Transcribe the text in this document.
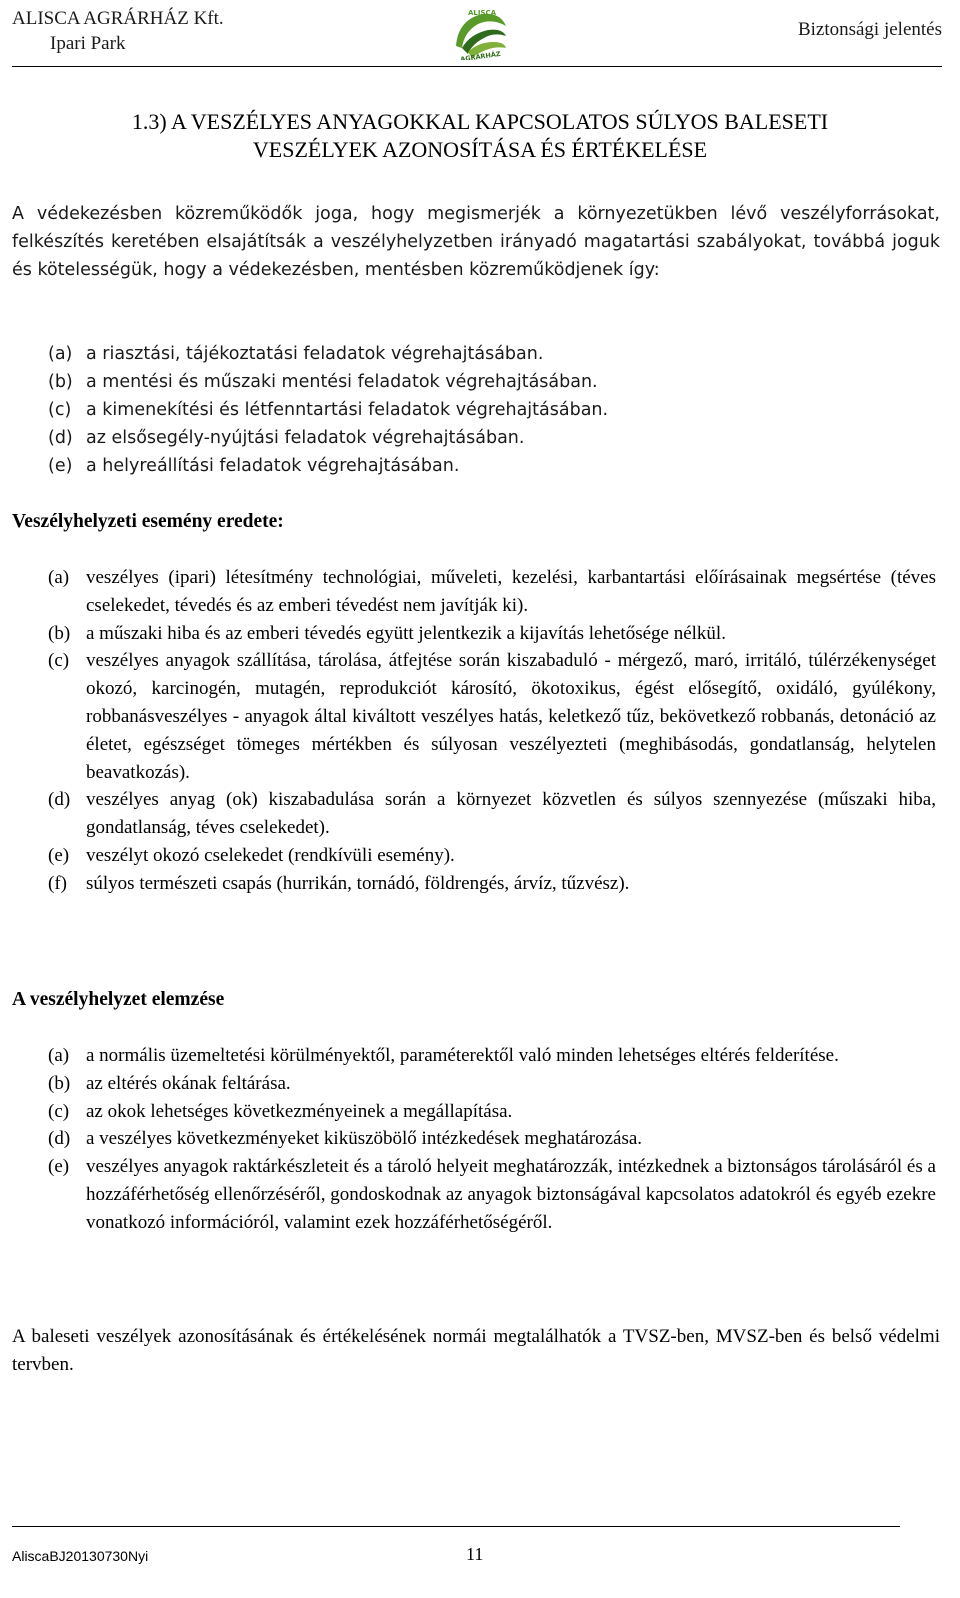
ALISCA AGRÁRHÁZ Kft.
Ipari Park
ALISCA
AGRÁRHÁZ
Biztonsági jelentés
1.3) A VESZÉLYES ANYAGOKKAL KAPCSOLATOS SÚLYOS BALESETI
VESZÉLYEK AZONOSÍTÁSA ÉS ÉRTÉKELÉSE

A védekezésben közreműködők joga, hogy megismerjék a környezetükben lévő veszélyforrásokat, felkészítés keretében elsajátítsák a veszélyhelyzetben irányadó magatartási szabályokat, továbbá joguk és kötelességük, hogy a védekezésben, mentésben közreműködjenek így:

(a) a riasztási, tájékoztatási feladatok végrehajtásában.
(b) a mentési és műszaki mentési feladatok végrehajtásában.
(c) a kimenekítési és létfenntartási feladatok végrehajtásában.
(d) az elsősegély-nyújtási feladatok végrehajtásában.
(e) a helyreállítási feladatok végrehajtásában.
Veszélyhelyzeti esemény eredete:
(a) veszélyes (ipari) létesítmény technológiai, műveleti, kezelési, karbantartási előírásainak megsértése (téves cselekedet, tévedés és az emberi tévedést nem javítják ki).
(b) a műszaki hiba és az emberi tévedés együtt jelentkezik a kijavítás lehetősége nélkül.
(c) veszélyes anyagok szállítása, tárolása, átfejtése során kiszabaduló - mérgező, maró, irritáló, túlérzékenységet okozó, karcinogén, mutagén, reprodukciót károsító, ökotoxikus, égést elősegítő, oxidáló, gyúlékony, robbanásveszélyes - anyagok által kiváltott veszélyes hatás, keletkező tűz, bekövetkező robbanás, detonáció az életet, egészséget tömeges mértékben és súlyosan veszélyezteti (meghibásodás, gondatlanság, helytelen beavatkozás).
(d) veszélyes anyag (ok) kiszabadulása során a környezet közvetlen és súlyos szennyezése (műszaki hiba, gondatlanság, téves cselekedet).
(e) veszélyt okozó cselekedet (rendkívüli esemény).
(f) súlyos természeti csapás (hurrikán, tornádó, földrengés, árvíz, tűzvész).
A veszélyhelyzet elemzése
(a) a normális üzemeltetési körülményektől, paraméterektől való minden lehetséges eltérés felderítése.
(b) az eltérés okának feltárása.
(c) az okok lehetséges következményeinek a megállapítása.
(d) a veszélyes következményeket kiküszöbölő intézkedések meghatározása.
(e) veszélyes anyagok raktárkészleteit és a tároló helyeit meghatározzák, intézkednek a biztonságos tárolásáról és a hozzáférhetőség ellenőrzéséről, gondoskodnak az anyagok biztonságával kapcsolatos adatokról és egyéb ezekre vonatkozó információról, valamint ezek hozzáférhetőségéről.

A baleseti veszélyek azonosításának és értékelésének normái megtalálhatók a TVSZ-ben, MVSZ-ben és belső védelmi tervben.

AliscaBJ20130730Nyi	11
